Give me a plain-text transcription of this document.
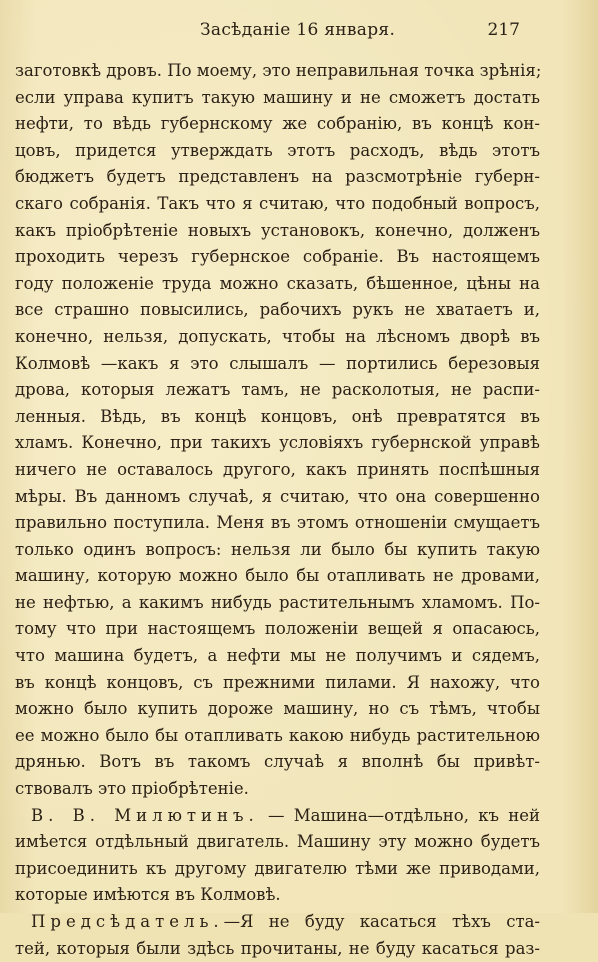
Засѣданіе 16 января.	217
заготовкѣ дровъ. По моему, это неправильная точка зрѣнія;
если управа купитъ такую машину и не сможетъ достать
нефти, то вѣдь губернскому же собранію, въ концѣ кон-
цовъ, придется утверждать этотъ расходъ, вѣдь этотъ
бюджетъ будетъ представленъ на разсмотрѣніе губерн-
скаго собранія. Такъ что я считаю, что подобный вопросъ,
какъ пріобрѣтеніе новыхъ установокъ, конечно, долженъ
проходить черезъ губернское собраніе. Въ настоящемъ
году положеніе труда можно сказать, бѣшенное, цѣны на
все страшно повысились, рабочихъ рукъ не хватаетъ и,
конечно, нельзя, допускать, чтобы на лѣсномъ дворѣ въ
Колмовѣ —какъ я это слышалъ — портились березовыя
дрова, которыя лежатъ тамъ, не расколотыя, не распи-
ленныя. Вѣдь, въ концѣ концовъ, онѣ превратятся въ
хламъ. Конечно, при такихъ условіяхъ губернской управѣ
ничего не оставалось другого, какъ принять поспѣшныя
мѣры. Въ данномъ случаѣ, я считаю, что она совершенно
правильно поступила. Меня въ этомъ отношеніи смущаетъ
только одинъ вопросъ: нельзя ли было бы купить такую
машину, которую можно было бы отапливать не дровами,
не нефтью, а какимъ нибудь растительнымъ хламомъ. По-
тому что при настоящемъ положеніи вещей я опасаюсь,
что машина будетъ, а нефти мы не получимъ и сядемъ,
въ концѣ концовъ, съ прежними пилами. Я нахожу, что
можно было купить дороже машину, но съ тѣмъ, чтобы
ее можно было бы отапливать какою нибудь растительною
дрянью. Вотъ въ такомъ случаѣ я вполнѣ бы привѣт-
ствовалъ это пріобрѣтеніе.
В. В. Милютинъ. — Машина—отдѣльно, къ ней
имѣется отдѣльный двигатель. Машину эту можно будетъ
присоединить къ другому двигателю тѣми же приводами,
которые имѣются въ Колмовѣ.
Предсѣдатель.—Я не буду касаться тѣхъ ста-
тей, которыя были здѣсь прочитаны, не буду касаться раз-
